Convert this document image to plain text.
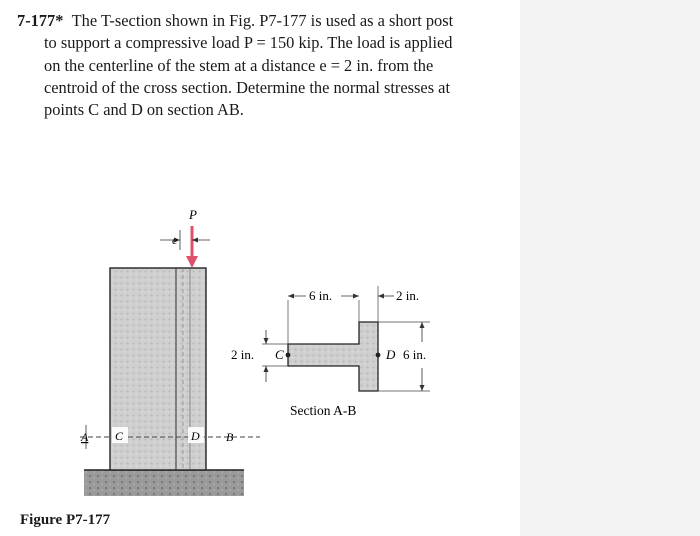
7-177* The T-section shown in Fig. P7-177 is used as a short post
to support a compressive load P = 150 kip. The load is applied
on the centerline of the stem at a distance e = 2 in. from the
centroid of the cross section. Determine the normal stresses at
points C and D on section AB.
P
e
A C	D B
6 in.	2 in.
2 in. C	D 6 in.
Section A-B
Figure P7-177
